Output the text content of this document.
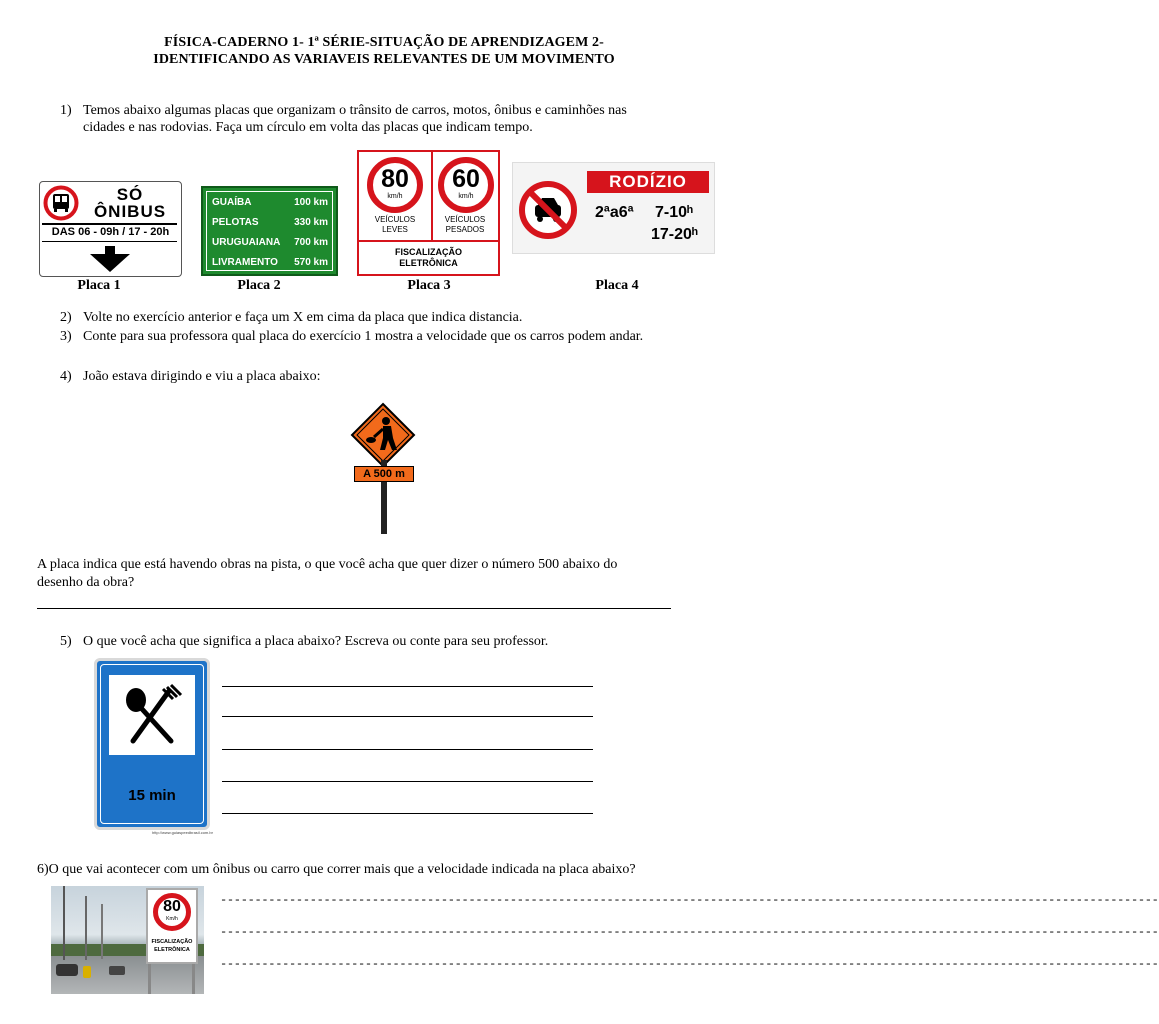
FÍSICA-CADERNO 1- 1ª SÉRIE-SITUAÇÃO DE APRENDIZAGEM 2-
IDENTIFICANDO AS VARIAVEIS RELEVANTES DE UM MOVIMENTO
1) Temos abaixo algumas placas que organizam o trânsito de carros, motos, ônibus e caminhões nas
cidades e nas rodovias. Faça um círculo em volta das placas que indicam tempo.
SÓ
ÔNIBUS
DAS 06 - 09h / 17 - 20h
GUAÍBA	100 km
PELOTAS	330 km
URUGUAIANA 700 km
LIVRAMENTO 570 km
80
km/h
60
km/h
VEÍCULOS
LEVES
VEÍCULOS
PESADOS
FISCALIZAÇÃO
ELETRÔNICA
RODÍZIO
2ªa6ª 7-10ʰ
17-20ʰ
Placa 1	Placa 2	Placa 3	Placa 4
2) Volte no exercício anterior e faça um X em cima da placa que indica distancia.
3) Conte para sua professora qual placa do exercício 1 mostra a velocidade que os carros podem andar.
4) João estava dirigindo e viu a placa abaixo:
A 500 m
A placa indica que está havendo obras na pista, o que você acha que quer dizer o número 500 abaixo do
desenho da obra?
5) O que você acha que significa a placa abaixo? Escreva ou conte para seu professor.
15 min
http://www.guiaspeedbrasil.com.br
6)O que vai acontecer com um ônibus ou carro que correr mais que a velocidade indicada na placa abaixo?
80
Km/h
FISCALIZAÇÃO
ELETRÔNICA
----------------------------------------------------------------------------------------------------------------------------------------
----------------------------------------------------------------------------------------------------------------------------------------
----------------------------------------------------------------------------------------------------------------------------------------
